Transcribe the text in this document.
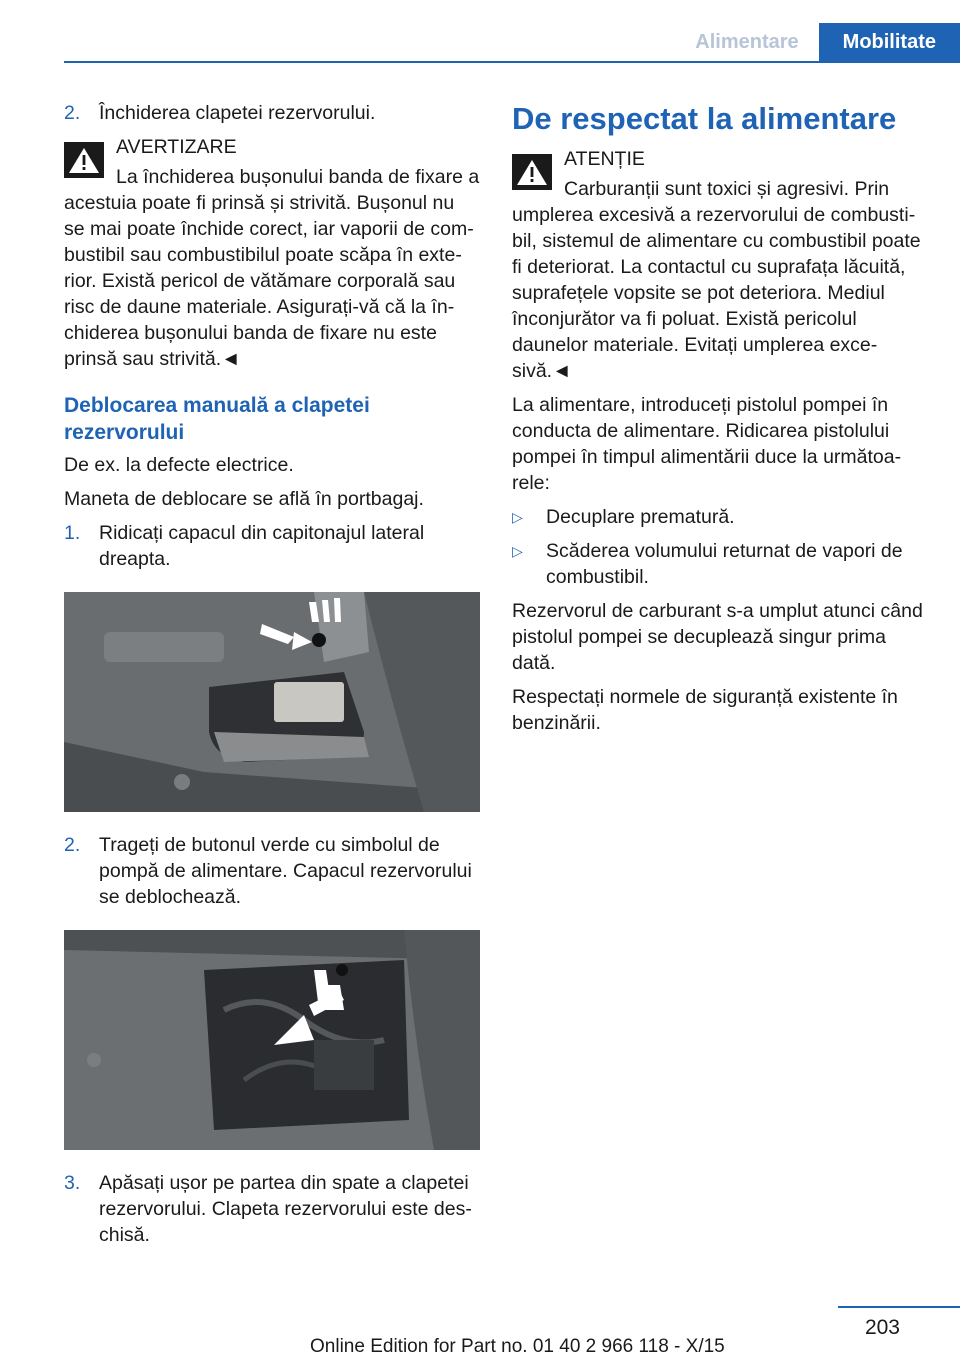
Alimentare	Mobilitate
2. Închiderea clapetei rezervorului.
AVERTIZARE
La închiderea bușonului banda de fixare a
acestuia poate fi prinsă și strivită. Bușonul nu se mai poate închide corect, iar vaporii de combustibil sau combustibilul poate scăpa în exterior. Există pericol de vătămare corporală sau risc de daune materiale. Asigurați-vă că la închiderea bușonului banda de fixare nu este prinsă sau strivită.◄
Deblocarea manuală a clapetei rezervorului

De ex. la defecte electrice.

Maneta de deblocare se află în portbagaj.

1. Ridicați capacul din capitonajul lateral dreapta.
2. Trageți de butonul verde cu simbolul de pompă de alimentare. Capacul rezervorului se deblochează.
3. Apăsați ușor pe partea din spate a clapetei rezervorului. Clapeta rezervorului este deschisă.
De respectat la alimentare
ATENȚIE
Carburanții sunt toxici și agresivi. Prin
umplerea excesivă a rezervorului de combustibil, sistemul de alimentare cu combustibil poate fi deteriorat. La contactul cu suprafața lăcuită, suprafețele vopsite se pot deteriora. Mediul înconjurător va fi poluat. Există pericolul daunelor materiale. Evitați umplerea excesivă.◄

La alimentare, introduceți pistolul pompei în conducta de alimentare. Ridicarea pistolului pompei în timpul alimentării duce la următoarele:

▷	Decuplare prematură.
▷	Scăderea volumului returnat de vapori de combustibil.

Rezervorul de carburant s-a umplut atunci când pistolul pompei se decuplează singur prima dată.

Respectați normele de siguranță existente în benzinării.

203
Online Edition for Part no. 01 40 2 966 118 - X/15
